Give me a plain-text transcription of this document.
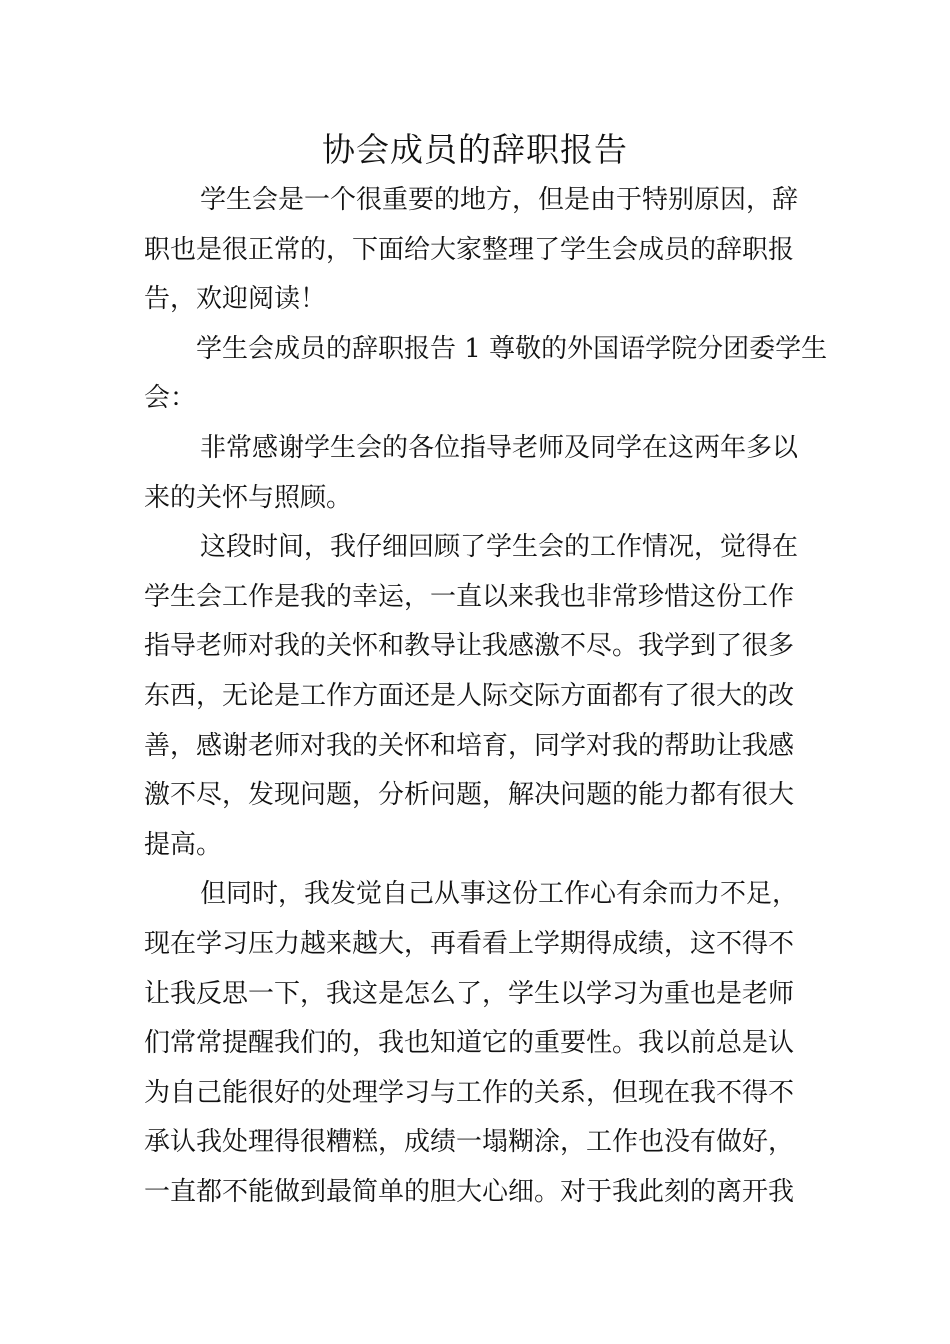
协会成员的辞职报告
学生会是一个很重要的地方，但是由于特别原因，辞
职也是很正常的，下面给大家整理了学生会成员的辞职报
告，欢迎阅读！
学生会成员的辞职报告 1 尊敬的外国语学院分团委学生
会：
非常感谢学生会的各位指导老师及同学在这两年多以
来的关怀与照顾。
这段时间，我仔细回顾了学生会的工作情况，觉得在
学生会工作是我的幸运，一直以来我也非常珍惜这份工作
指导老师对我的关怀和教导让我感激不尽。我学到了很多
东西，无论是工作方面还是人际交际方面都有了很大的改
善，感谢老师对我的关怀和培育，同学对我的帮助让我感
激不尽，发现问题，分析问题，解决问题的能力都有很大
提高。
但同时，我发觉自己从事这份工作心有余而力不足，
现在学习压力越来越大，再看看上学期得成绩，这不得不
让我反思一下，我这是怎么了，学生以学习为重也是老师
们常常提醒我们的，我也知道它的重要性。我以前总是认
为自己能很好的处理学习与工作的关系，但现在我不得不
承认我处理得很糟糕，成绩一塌糊涂，工作也没有做好，
一直都不能做到最简单的胆大心细。对于我此刻的离开我
